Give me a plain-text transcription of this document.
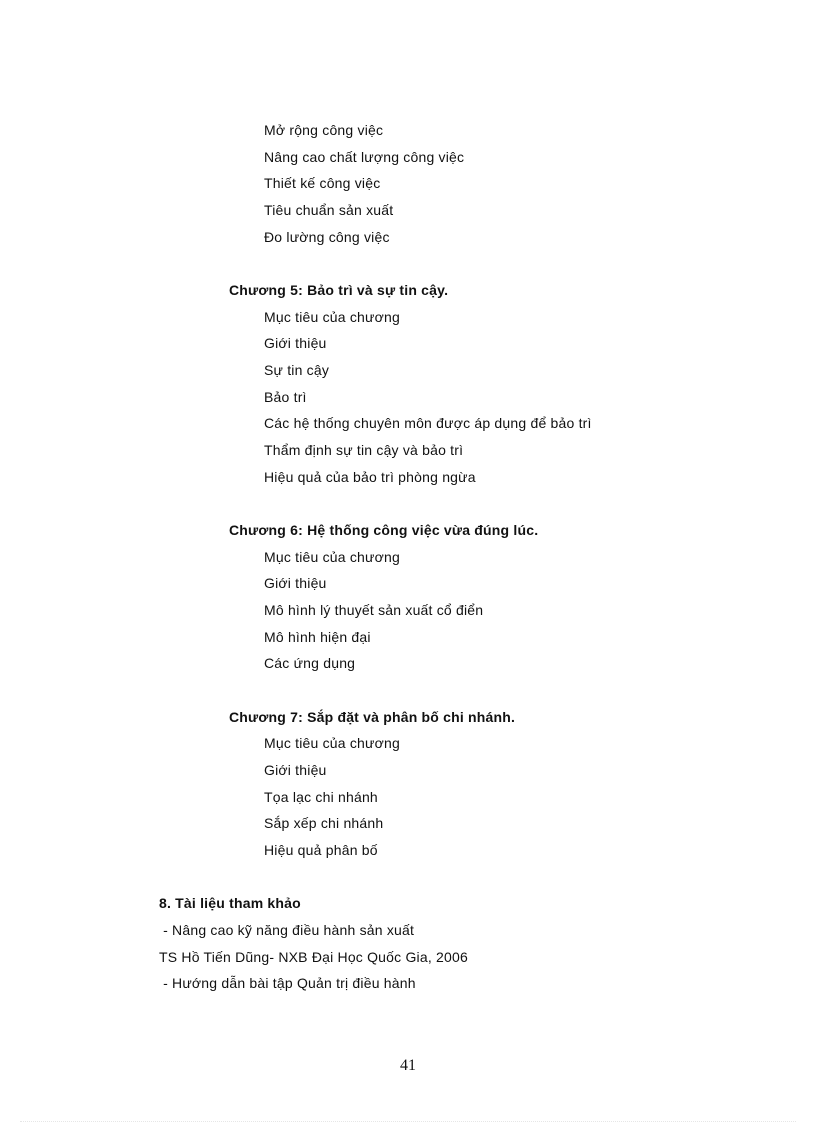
Mở rộng công việc
Nâng cao chất lượng công việc
Thiết kế công việc
Tiêu chuẩn sản xuất
Đo lường công việc
Chương 5: Bảo trì và sự tin cậy.
Mục tiêu của chương
Giới thiệu
Sự tin cậy
Bảo trì
Các hệ thống chuyên môn được áp dụng để bảo trì
Thẩm định sự tin cậy và bảo trì
Hiệu quả của bảo trì phòng ngừa
Chương 6: Hệ thống công việc vừa đúng lúc.
Mục tiêu của chương
Giới thiệu
Mô hình lý thuyết sản xuất cổ điển
Mô hình hiện đại
Các ứng dụng
Chương 7: Sắp đặt và phân bố chi nhánh.
Mục tiêu của chương
Giới thiệu
Tọa lạc chi nhánh
Sắp xếp chi nhánh
Hiệu quả phân bố
8. Tài liệu tham khảo
- Nâng cao kỹ năng điều hành sản xuất
TS Hồ Tiến Dũng- NXB Đại Học Quốc Gia, 2006
- Hướng dẫn bài tập Quản trị điều hành
41
